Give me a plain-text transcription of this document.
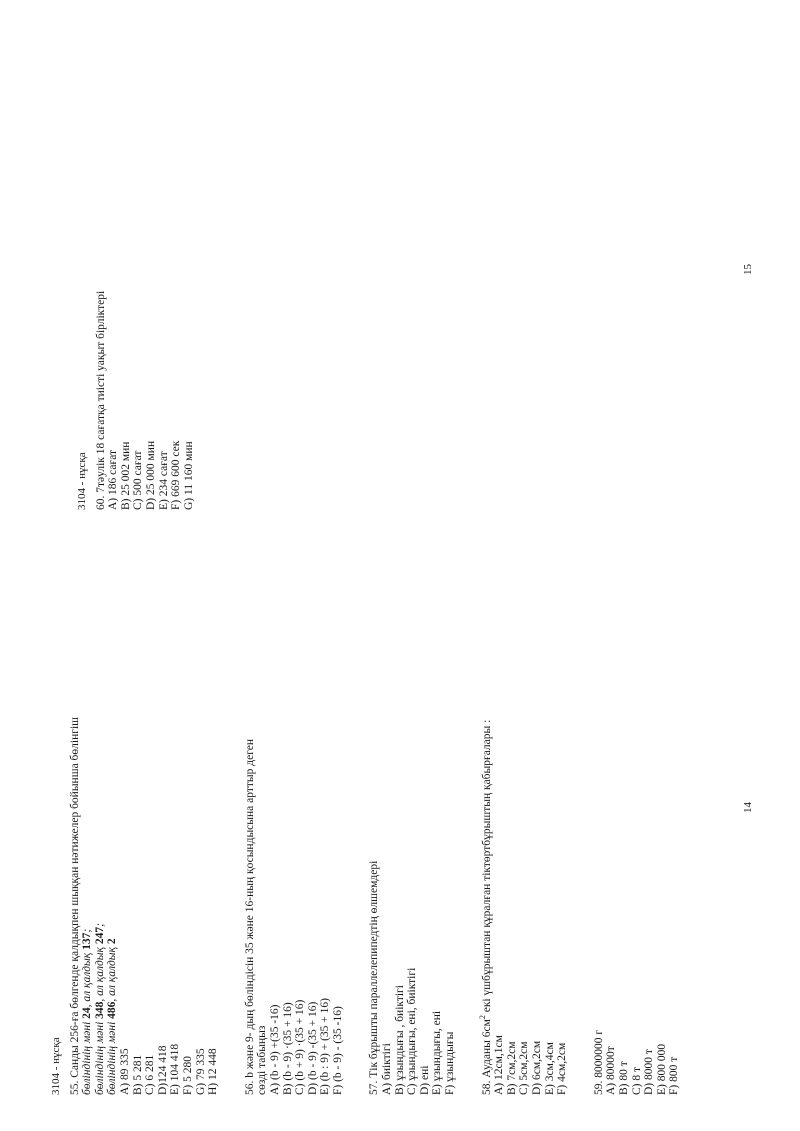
3104 - нұсқа 55. Санды 256-ға бөлгенде қалдықпен шыққан нәтижелер бойынша бөлінгіш бөліндінің мәні 24, ал қалдық 137;

бөліндінің мәні 348, ал қалдық 247;

бөліндінің мәні 486, ал қалдық 2

A) 89 335 B) 5 281 C) 6 281 D)124 418 E) 104 418 F) 5 280 G) 79 335 H) 12 448 56. b және 9- дың бөліндісін 35 және 16-ның қосындысына арттыр деген сөзді табыңыз A) (b - 9) +(35 -16) B) (b - 9) ·(35 + 16) C) (b + 9) ·(35 + 16) D) (b - 9) -(35 + 16) E) (b : 9) + (35 + 16) F) (b - 9) - (35 -16) 57. Тік бұрышты параллелепипедтің өлшемдері A) биіктігі B) ұзындығы , биіктігі C) ұзындығы, ені, биіктігі D) ені E) ұзындығы, ені F) ұзындығы 58. Ауданы $6см^2$ екі үшбұрыштан құралған тіктөртбұрыштың қабырғалары :

A) 12см,1см B) 7см,2см C) 5см,2см D) 6см,2см E) 3см,4см F) 4см,2см 59. 8000000 г A) 80000т B) 80 т C) 8 т D) 8000 т E) 800 000 F) 800 т

14

3104 - нұсқа 60. 7тәулік 18 сағатқа тиісті уақыт бірліктері A) 186 сағат B) 25 002 мин C) 500 сағат D) 25 000 мин E) 234 сағат F) 669 600 сек G) 11 160 мин

15
